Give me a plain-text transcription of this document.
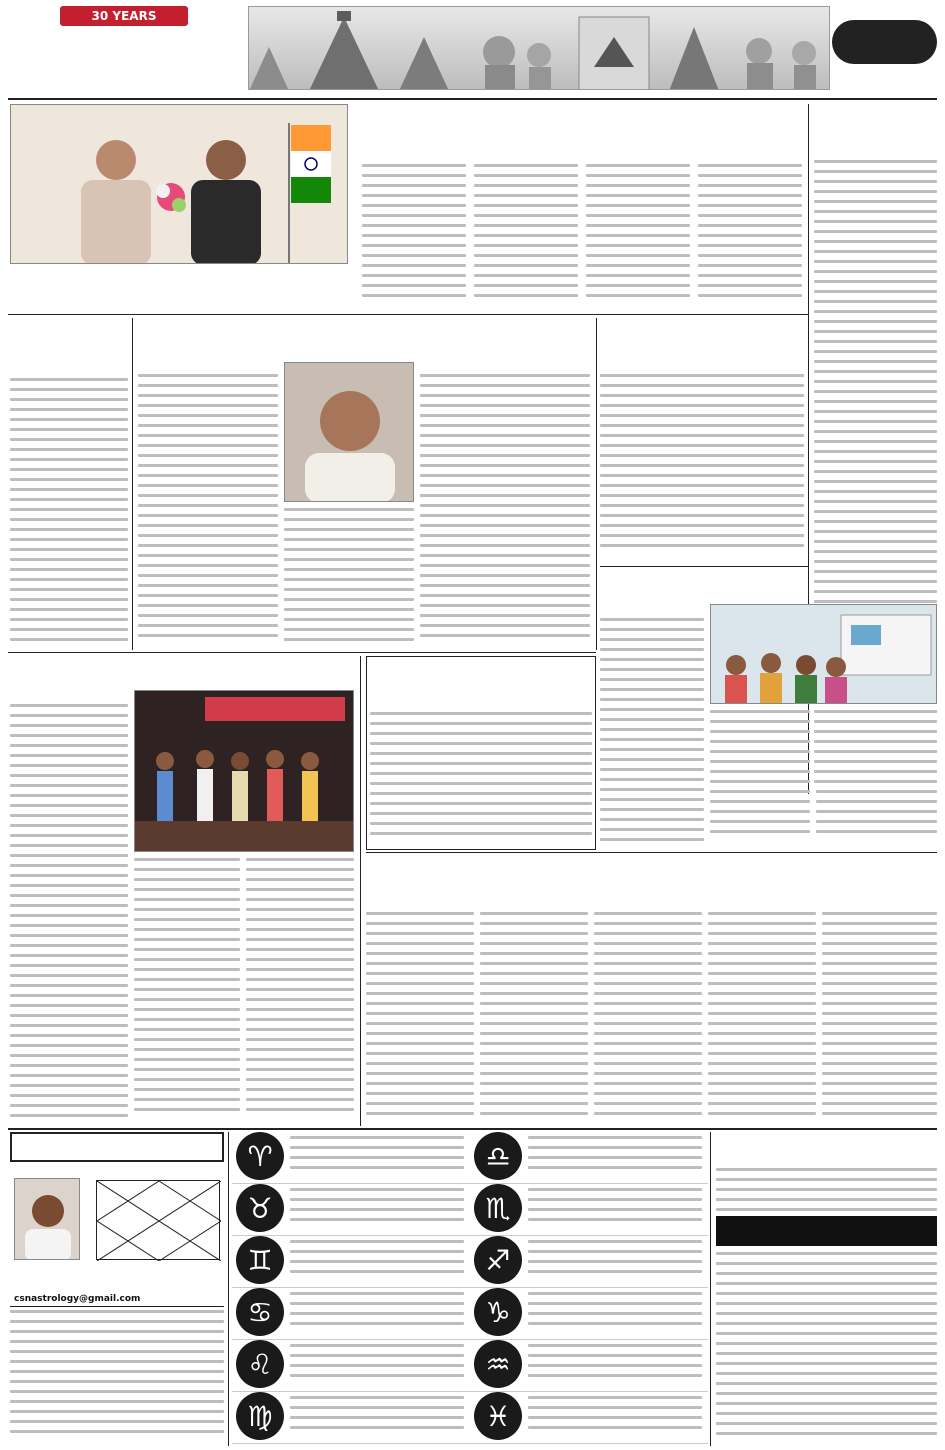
30 YEARS
csnastrology@gmail.com
♈
♉
♊
♋
♌
♍
♎
♏
♐
♑
♒
♓
